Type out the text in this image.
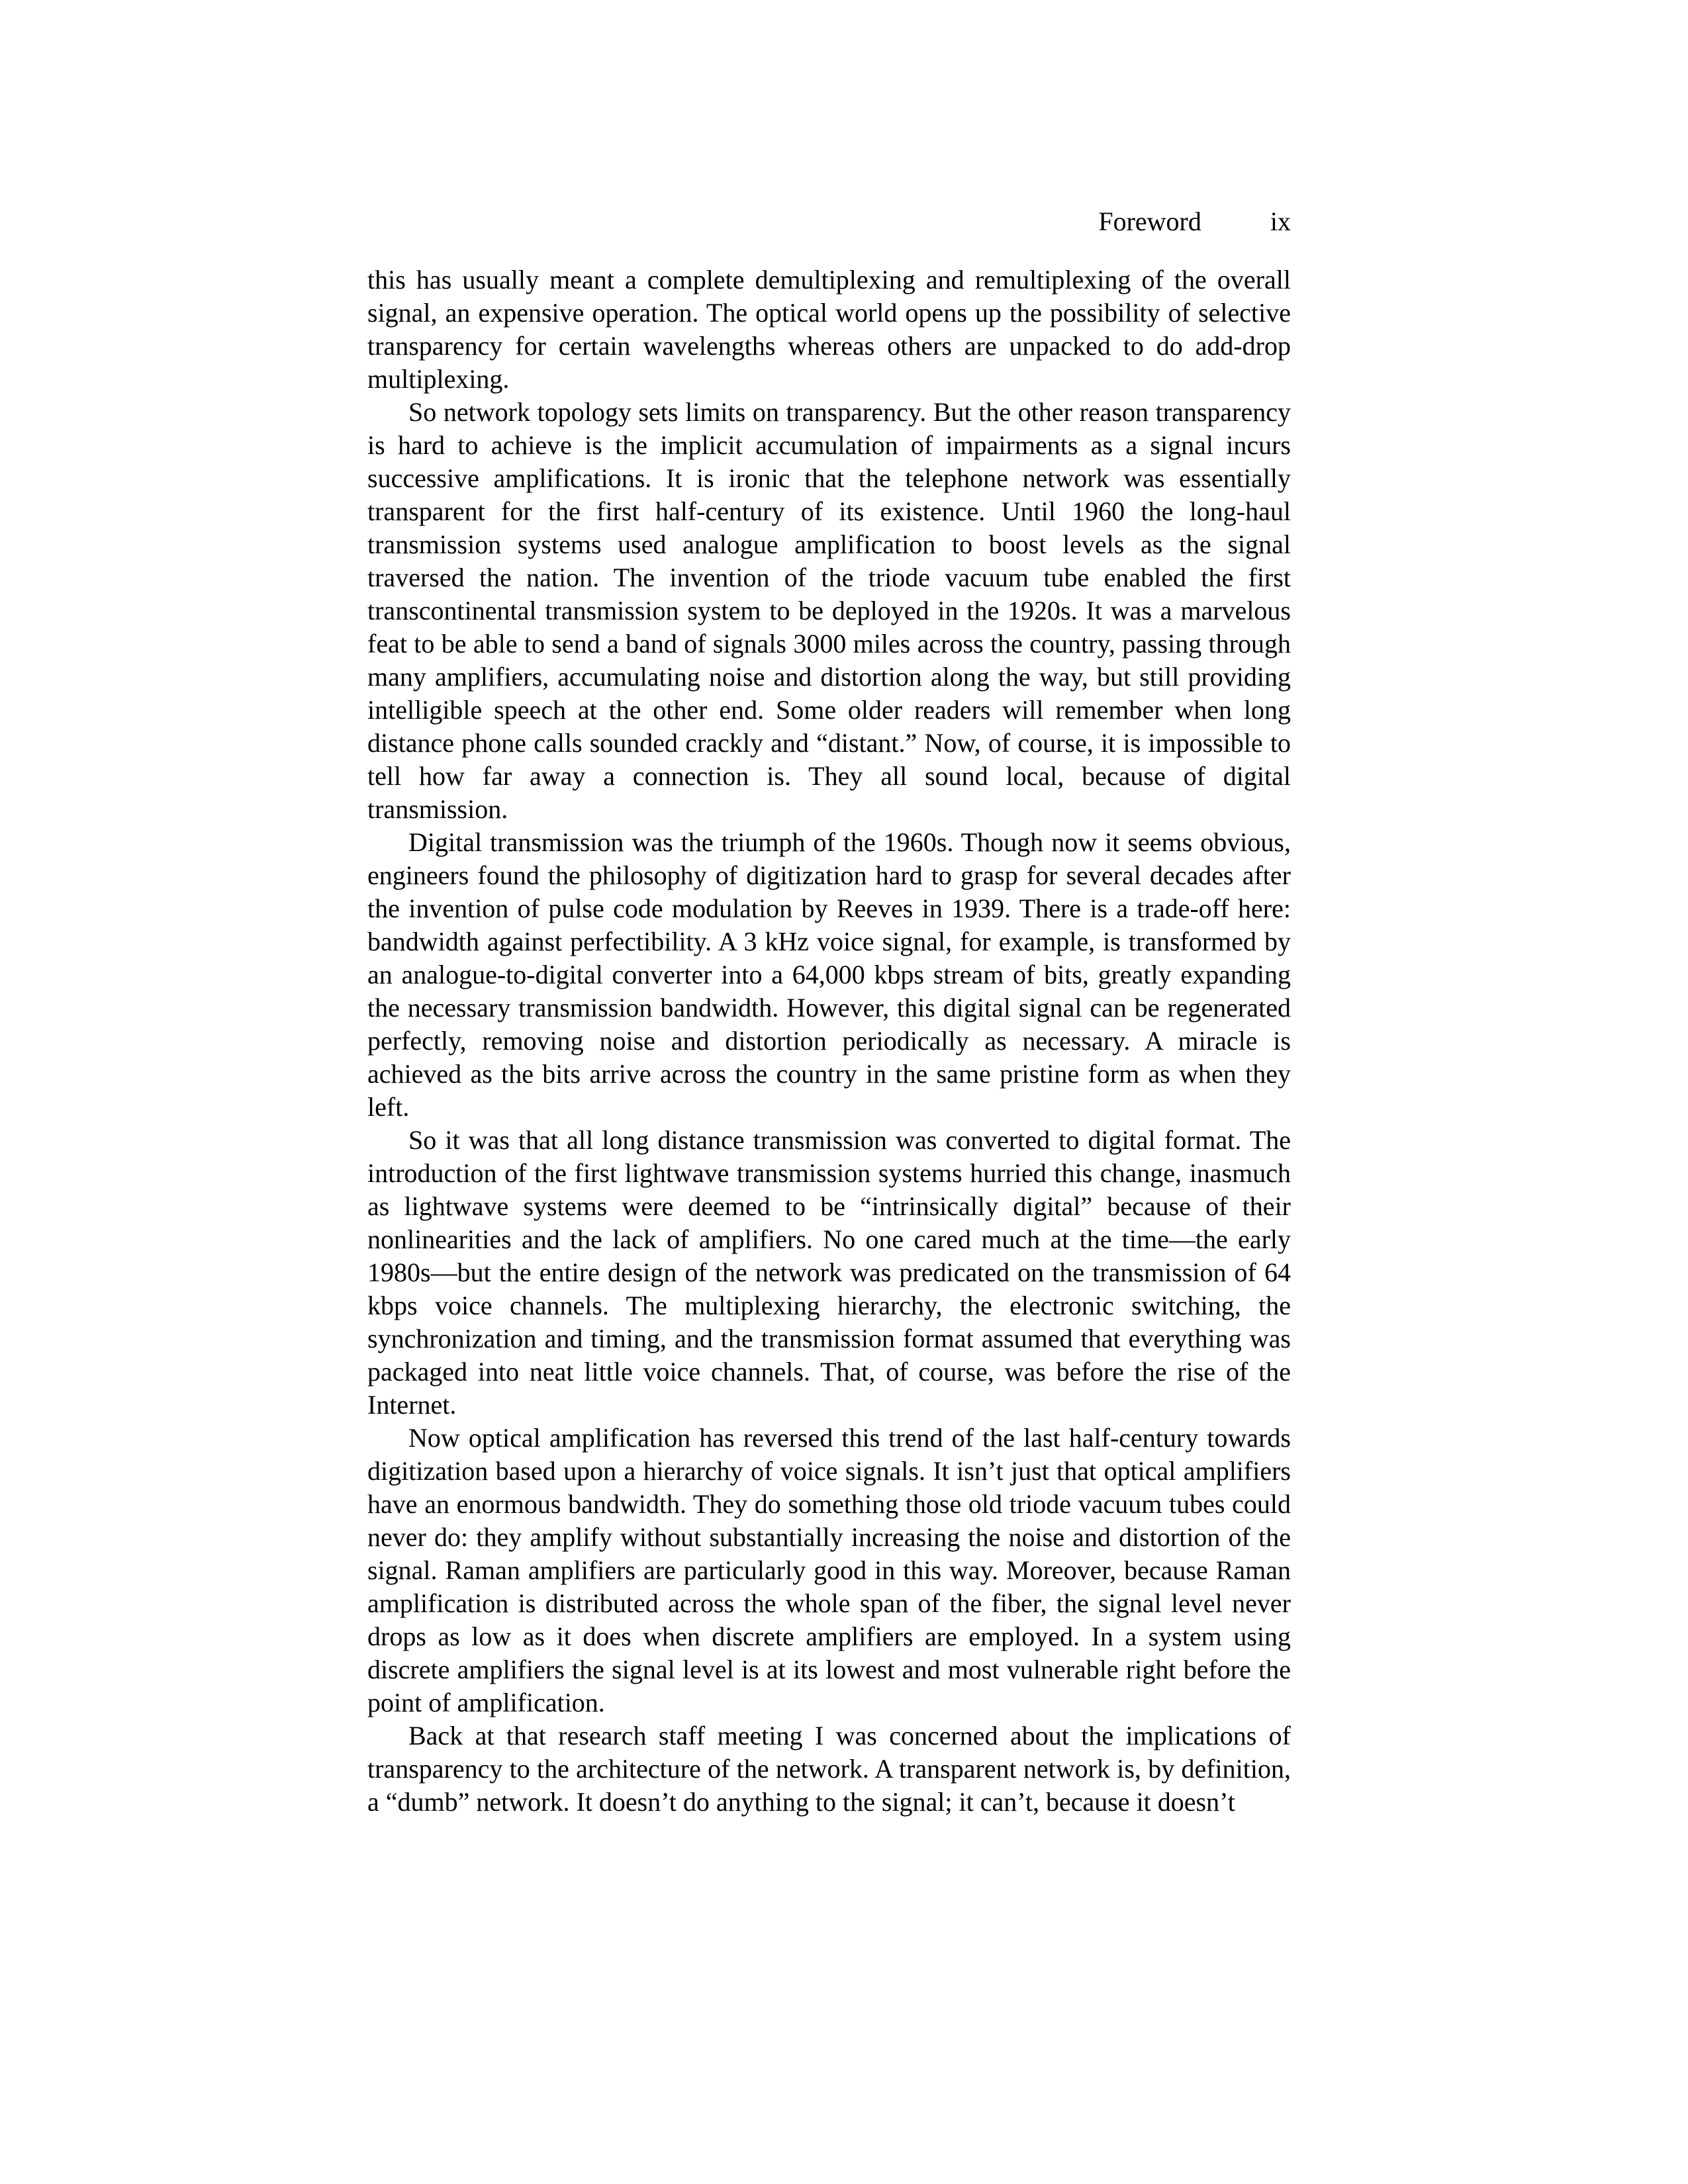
Foreword	ix

this has usually meant a complete demultiplexing and remultiplexing of the overall signal, an expensive operation. The optical world opens up the possibility of selective transparency for certain wavelengths whereas others are unpacked to do add-drop multiplexing.

So network topology sets limits on transparency. But the other reason transparency is hard to achieve is the implicit accumulation of impairments as a signal incurs successive amplifications. It is ironic that the telephone network was essentially transparent for the first half-century of its existence. Until 1960 the long-haul transmission systems used analogue amplification to boost levels as the signal traversed the nation. The invention of the triode vacuum tube enabled the first transcontinental transmission system to be deployed in the 1920s. It was a marvelous feat to be able to send a band of signals 3000 miles across the country, passing through many amplifiers, accumulating noise and distortion along the way, but still providing intelligible speech at the other end. Some older readers will remember when long distance phone calls sounded crackly and “distant.” Now, of course, it is impossible to tell how far away a connection is. They all sound local, because of digital transmission.

Digital transmission was the triumph of the 1960s. Though now it seems obvious, engineers found the philosophy of digitization hard to grasp for several decades after the invention of pulse code modulation by Reeves in 1939. There is a trade-off here: bandwidth against perfectibility. A 3 kHz voice signal, for example, is transformed by an analogue-to-digital converter into a 64,000 kbps stream of bits, greatly expanding the necessary transmission bandwidth. However, this digital signal can be regenerated perfectly, removing noise and distortion periodically as necessary. A miracle is achieved as the bits arrive across the country in the same pristine form as when they left.

So it was that all long distance transmission was converted to digital format. The introduction of the first lightwave transmission systems hurried this change, inasmuch as lightwave systems were deemed to be “intrinsically digital” because of their nonlinearities and the lack of amplifiers. No one cared much at the time—the early 1980s—but the entire design of the network was predicated on the transmission of 64 kbps voice channels. The multiplexing hierarchy, the electronic switching, the synchronization and timing, and the transmission format assumed that everything was packaged into neat little voice channels. That, of course, was before the rise of the Internet.

Now optical amplification has reversed this trend of the last half-century towards digitization based upon a hierarchy of voice signals. It isn’t just that optical amplifiers have an enormous bandwidth. They do something those old triode vacuum tubes could never do: they amplify without substantially increasing the noise and distortion of the signal. Raman amplifiers are particularly good in this way. Moreover, because Raman amplification is distributed across the whole span of the fiber, the signal level never drops as low as it does when discrete amplifiers are employed. In a system using discrete amplifiers the signal level is at its lowest and most vulnerable right before the point of amplification.

Back at that research staff meeting I was concerned about the implications of transparency to the architecture of the network. A transparent network is, by definition, a “dumb” network. It doesn’t do anything to the signal; it can’t, because it doesn’t
